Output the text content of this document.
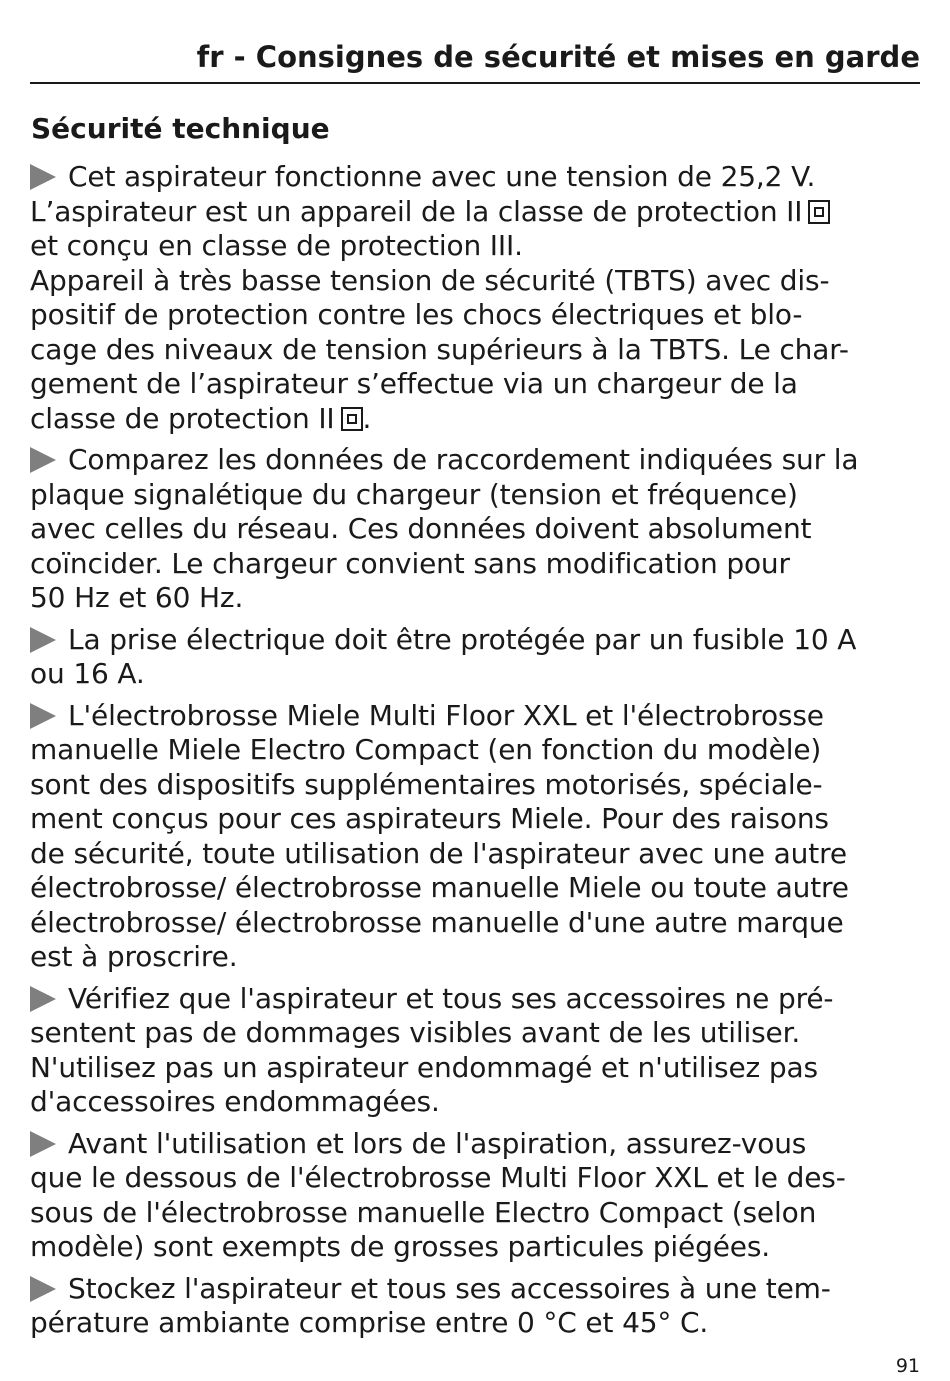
fr - Consignes de sécurité et mises en garde
Sécurité technique
Cet aspirateur fonctionne avec une tension de 25,2 V.
L’aspirateur est un appareil de la classe de protection II
et conçu en classe de protection III.
Appareil à très basse tension de sécurité (TBTS) avec dis-
positif de protection contre les chocs électriques et blo-
cage des niveaux de tension supérieurs à la TBTS. Le char-
gement de l’aspirateur s’effectue via un chargeur de la
classe de protection II .
Comparez les données de raccordement indiquées sur la
plaque signalétique du chargeur (tension et fréquence)
avec celles du réseau. Ces données doivent absolument
coïncider. Le chargeur convient sans modification pour
50 Hz et 60 Hz.
La prise électrique doit être protégée par un fusible 10 A
ou 16 A.
L'électrobrosse Miele Multi Floor XXL et l'électrobrosse
manuelle Miele Electro Compact (en fonction du modèle)
sont des dispositifs supplémentaires motorisés, spéciale-
ment conçus pour ces aspirateurs Miele. Pour des raisons
de sécurité, toute utilisation de l'aspirateur avec une autre
électrobrosse/ électrobrosse manuelle Miele ou toute autre
électrobrosse/ électrobrosse manuelle d'une autre marque
est à proscrire.
Vérifiez que l'aspirateur et tous ses accessoires ne pré-
sentent pas de dommages visibles avant de les utiliser.
N'utilisez pas un aspirateur endommagé et n'utilisez pas
d'accessoires endommagées.
Avant l'utilisation et lors de l'aspiration, assurez-vous
que le dessous de l'électrobrosse Multi Floor XXL et le des-
sous de l'électrobrosse manuelle Electro Compact (selon
modèle) sont exempts de grosses particules piégées.
Stockez l'aspirateur et tous ses accessoires à une tem-
pérature ambiante comprise entre 0 °C et 45° C.
91
